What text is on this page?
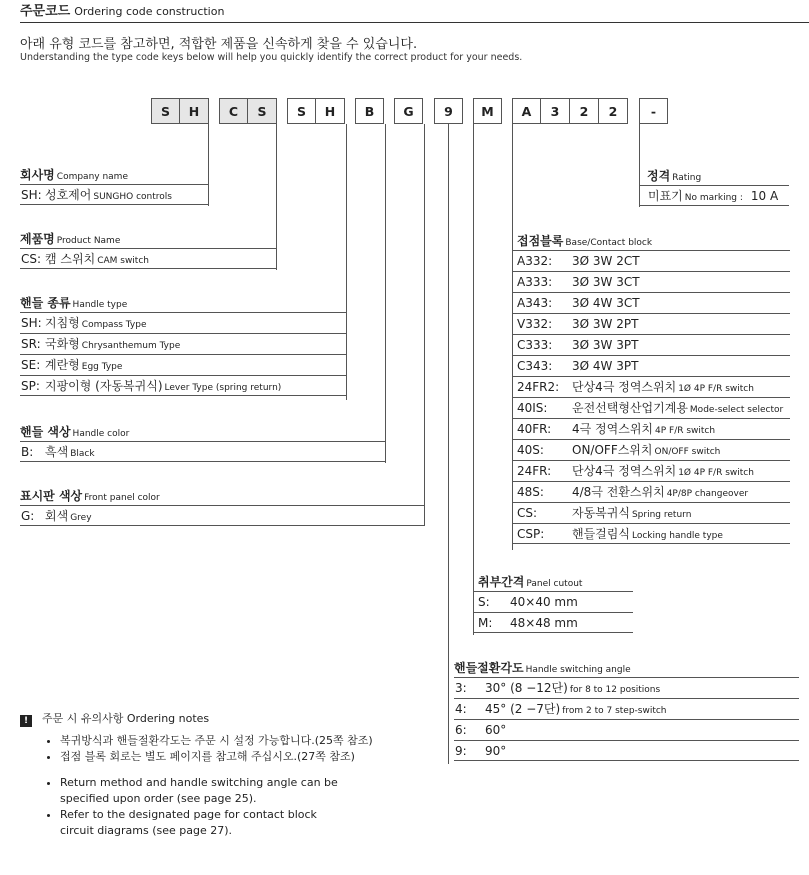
주문코드 Ordering code construction
아래 유형 코드를 참고하면, 적합한 제품을 신속하게 찾을 수 있습니다.
Understanding the type code keys below will help you quickly identify the correct product for your needs.
S	H	C	S	S	H	B	G	9	M	A	3	2	2	-
회사명 Company name
SH: 성호제어 SUNGHO controls
제품명 Product Name
CS: 캠 스위치 CAM switch
핸들 종류 Handle type
SH: 지침형 Compass Type
SR: 국화형 Chrysanthemum Type
SE: 계란형 Egg Type
SP: 지팡이형 (자동복귀식) Lever Type (spring return)
핸들 색상 Handle color
B: 흑색 Black
표시판 색상 Front panel color
G: 회색 Grey
정격 Rating
미표기 No marking : 10 A
접점블록 Base/Contact block
A332: 3Ø 3W 2CT
A333: 3Ø 3W 3CT
A343: 3Ø 4W 3CT
V332: 3Ø 3W 2PT
C333: 3Ø 3W 3PT
C343: 3Ø 4W 3PT
24FR2: 단상4극 정역스위치 1Ø 4P F/R switch
40IS: 운전선택형산업기계용 Mode-select selector
40FR: 4극 정역스위치 4P F/R switch
40S: ON/OFF스위치 ON/OFF switch
24FR: 단상4극 정역스위치 1Ø 4P F/R switch
48S: 4/8극 전환스위치 4P/8P changeover
CS:	자동복귀식 Spring return
CSP: 핸들걸림식 Locking handle type
취부간격 Panel cutout
S: 40×40 mm
M: 48×48 mm
핸들절환각도 Handle switching angle
3: 30° (8 −12단) for 8 to 12 positions
4: 45° (2 −7단) from 2 to 7 step-switch
6: 60°
9: 90°
! 주문 시 유의사항 Ordering notes
• 복귀방식과 핸들절환각도는 주문 시 설정 가능합니다.(25쪽 참조)
• 접점 블록 회로는 별도 페이지를 참고해 주십시오.(27쪽 참조)
• Return method and handle switching angle can be
specified upon order (see page 25).
• Refer to the designated page for contact block
circuit diagrams (see page 27).
